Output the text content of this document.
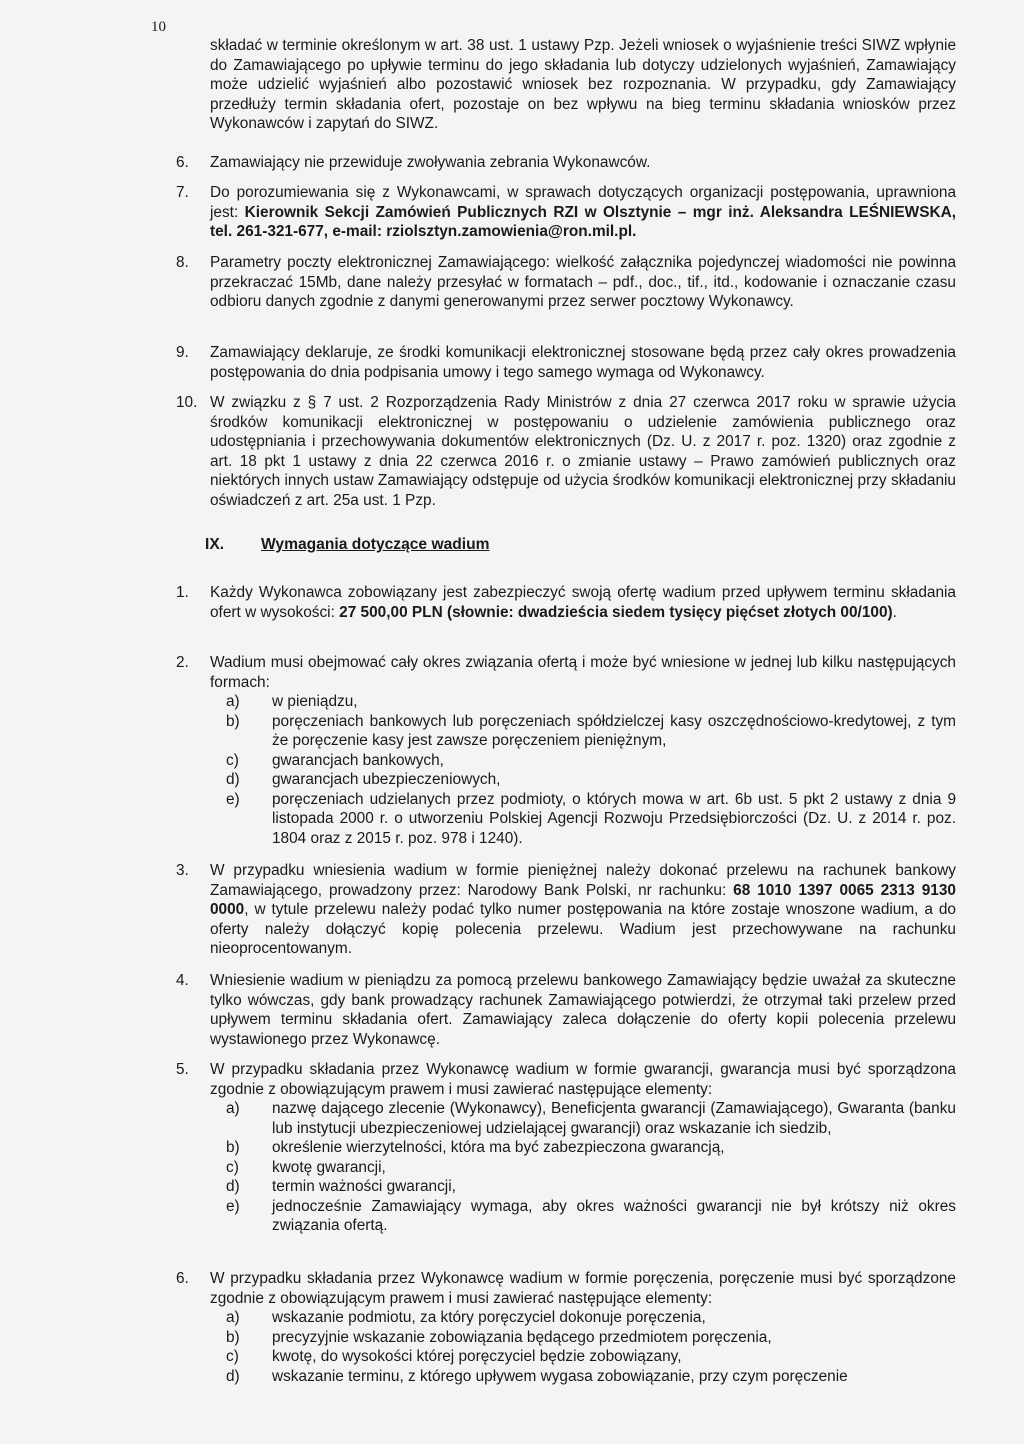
10
składać w terminie określonym w art. 38 ust. 1 ustawy Pzp. Jeżeli wniosek o wyjaśnienie treści SIWZ wpłynie do Zamawiającego po upływie terminu do jego składania lub dotyczy udzielonych wyjaśnień, Zamawiający może udzielić wyjaśnień albo pozostawić wniosek bez rozpoznania. W przypadku, gdy Zamawiający przedłuży termin składania ofert, pozostaje on bez wpływu na bieg terminu składania wniosków przez Wykonawców i zapytań do SIWZ.
6.	Zamawiający nie przewiduje zwoływania zebrania Wykonawców.
7.	Do porozumiewania się z Wykonawcami, w sprawach dotyczących organizacji postępowania, uprawniona jest: Kierownik Sekcji Zamówień Publicznych RZI w Olsztynie – mgr inż. Aleksandra LEŚNIEWSKA, tel. 261-321-677, e-mail: rziolsztyn.zamowienia@ron.mil.pl.
8.	Parametry poczty elektronicznej Zamawiającego: wielkość załącznika pojedynczej wiadomości nie powinna przekraczać 15Mb, dane należy przesyłać w formatach – pdf., doc., tif., itd., kodowanie i oznaczanie czasu odbioru danych zgodnie z danymi generowanymi przez serwer pocztowy Wykonawcy.
9.	Zamawiający deklaruje, ze środki komunikacji elektronicznej stosowane będą przez cały okres prowadzenia postępowania do dnia podpisania umowy i tego samego wymaga od Wykonawcy.
10. W związku z § 7 ust. 2 Rozporządzenia Rady Ministrów z dnia 27 czerwca 2017 roku w sprawie użycia środków komunikacji elektronicznej w postępowaniu o udzielenie zamówienia publicznego oraz udostępniania i przechowywania dokumentów elektronicznych (Dz. U. z 2017 r. poz. 1320) oraz zgodnie z art. 18 pkt 1 ustawy z dnia 22 czerwca 2016 r. o zmianie ustawy – Prawo zamówień publicznych oraz niektórych innych ustaw Zamawiający odstępuje od użycia środków komunikacji elektronicznej przy składaniu oświadczeń z art. 25a ust. 1 Pzp.
IX. Wymagania dotyczące wadium
1.	Każdy Wykonawca zobowiązany jest zabezpieczyć swoją ofertę wadium przed upływem terminu składania ofert w wysokości: 27 500,00 PLN (słownie: dwadzieścia siedem tysięcy pięćset złotych 00/100).
2.	Wadium musi obejmować cały okres związania ofertą i może być wniesione w jednej lub kilku następujących formach:
a)	w pieniądzu,
b)	poręczeniach bankowych lub poręczeniach spółdzielczej kasy oszczędnościowo-kredytowej, z tym że poręczenie kasy jest zawsze poręczeniem pieniężnym,
c)	gwarancjach bankowych,
d)	gwarancjach ubezpieczeniowych,
e)	poręczeniach udzielanych przez podmioty, o których mowa w art. 6b ust. 5 pkt 2 ustawy z dnia 9 listopada 2000 r. o utworzeniu Polskiej Agencji Rozwoju Przedsiębiorczości (Dz. U. z 2014 r. poz. 1804 oraz z 2015 r. poz. 978 i 1240).
3.	W przypadku wniesienia wadium w formie pieniężnej należy dokonać przelewu na rachunek bankowy Zamawiającego, prowadzony przez: Narodowy Bank Polski, nr rachunku: 68 1010 1397 0065 2313 9130 0000, w tytule przelewu należy podać tylko numer postępowania na które zostaje wnoszone wadium, a do oferty należy dołączyć kopię polecenia przelewu. Wadium jest przechowywane na rachunku nieoprocentowanym.
4.	Wniesienie wadium w pieniądzu za pomocą przelewu bankowego Zamawiający będzie uważał za skuteczne tylko wówczas, gdy bank prowadzący rachunek Zamawiającego potwierdzi, że otrzymał taki przelew przed upływem terminu składania ofert. Zamawiający zaleca dołączenie do oferty kopii polecenia przelewu wystawionego przez Wykonawcę.
5.	W przypadku składania przez Wykonawcę wadium w formie gwarancji, gwarancja musi być sporządzona zgodnie z obowiązującym prawem i musi zawierać następujące elementy:
a)	nazwę dającego zlecenie (Wykonawcy), Beneficjenta gwarancji (Zamawiającego), Gwaranta (banku lub instytucji ubezpieczeniowej udzielającej gwarancji) oraz wskazanie ich siedzib,
b)	określenie wierzytelności, która ma być zabezpieczona gwarancją,
c)	kwotę gwarancji,
d)	termin ważności gwarancji,
e)	jednocześnie Zamawiający wymaga, aby okres ważności gwarancji nie był krótszy niż okres związania ofertą.
6.	W przypadku składania przez Wykonawcę wadium w formie poręczenia, poręczenie musi być sporządzone zgodnie z obowiązującym prawem i musi zawierać następujące elementy:
a)	wskazanie podmiotu, za który poręczyciel dokonuje poręczenia,
b)	precyzyjnie wskazanie zobowiązania będącego przedmiotem poręczenia,
c)	kwotę, do wysokości której poręczyciel będzie zobowiązany,
d)	wskazanie terminu, z którego upływem wygasa zobowiązanie, przy czym poręczenie
